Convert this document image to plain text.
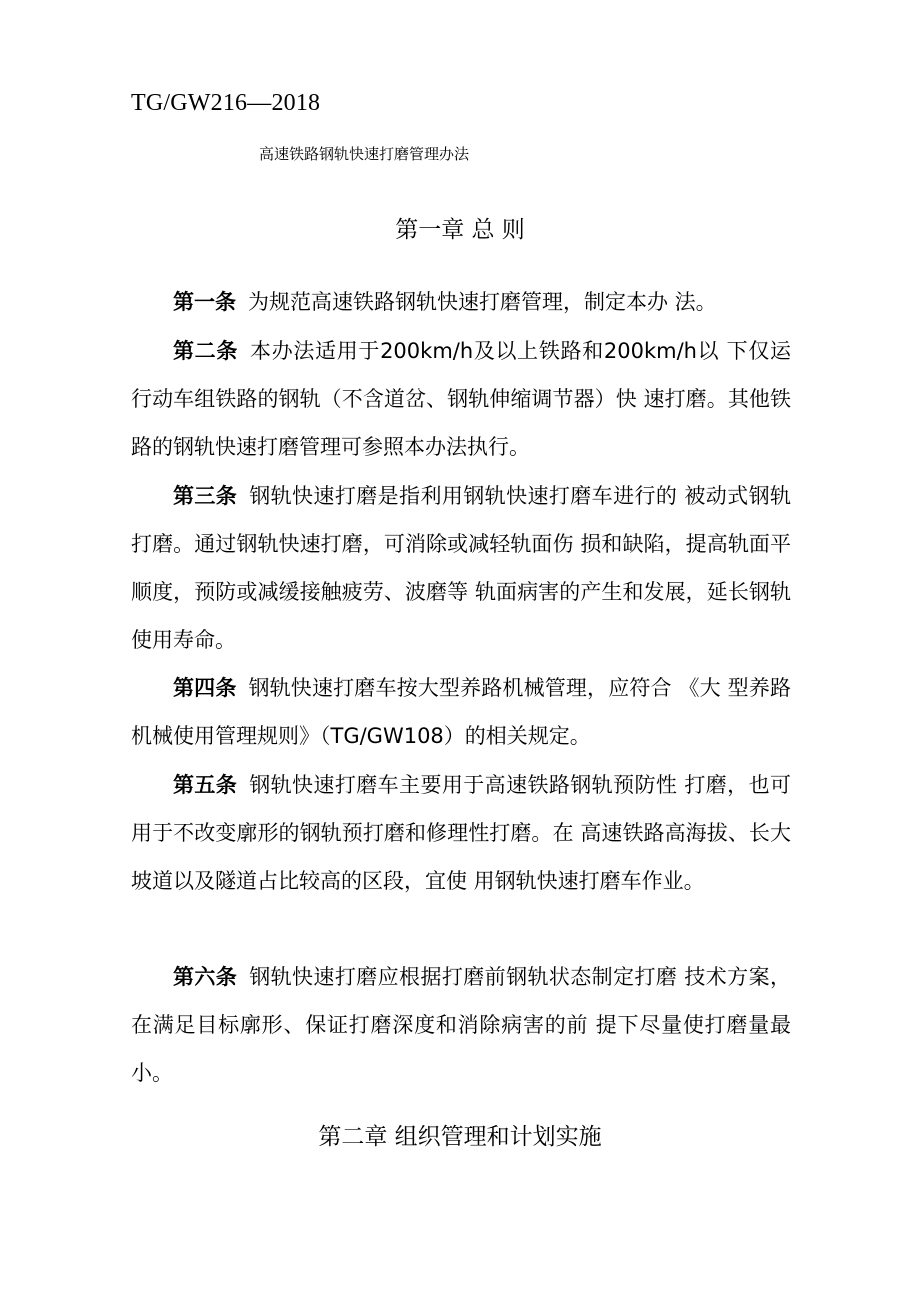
TG/GW216—2018
高速铁路钢轨快速打磨管理办法
第一章 总 则

第一条 为规范高速铁路钢轨快速打磨管理，制定本办 法。

第二条 本办法适用于200km/h及以上铁路和200km/h以 下仅运行动车组铁路的钢轨（不含道岔、钢轨伸缩调节器）快 速打磨。其他铁路的钢轨快速打磨管理可参照本办法执行。

第三条 钢轨快速打磨是指利用钢轨快速打磨车进行的 被动式钢轨打磨。通过钢轨快速打磨，可消除或减轻轨面伤 损和缺陷，提高轨面平顺度，预防或减缓接触疲劳、波磨等 轨面病害的产生和发展，延长钢轨使用寿命。

第四条 钢轨快速打磨车按大型养路机械管理，应符合 《大 型养路机械使用管理规则》（TG/GW108）的相关规定。

第五条 钢轨快速打磨车主要用于高速铁路钢轨预防性 打磨，也可用于不改变廓形的钢轨预打磨和修理性打磨。在 高速铁路高海拔、长大坡道以及隧道占比较高的区段，宜使 用钢轨快速打磨车作业。

第六条 钢轨快速打磨应根据打磨前钢轨状态制定打磨 技术方案，在满足目标廓形、保证打磨深度和消除病害的前 提下尽量使打磨量最小。

第二章 组织管理和计划实施
